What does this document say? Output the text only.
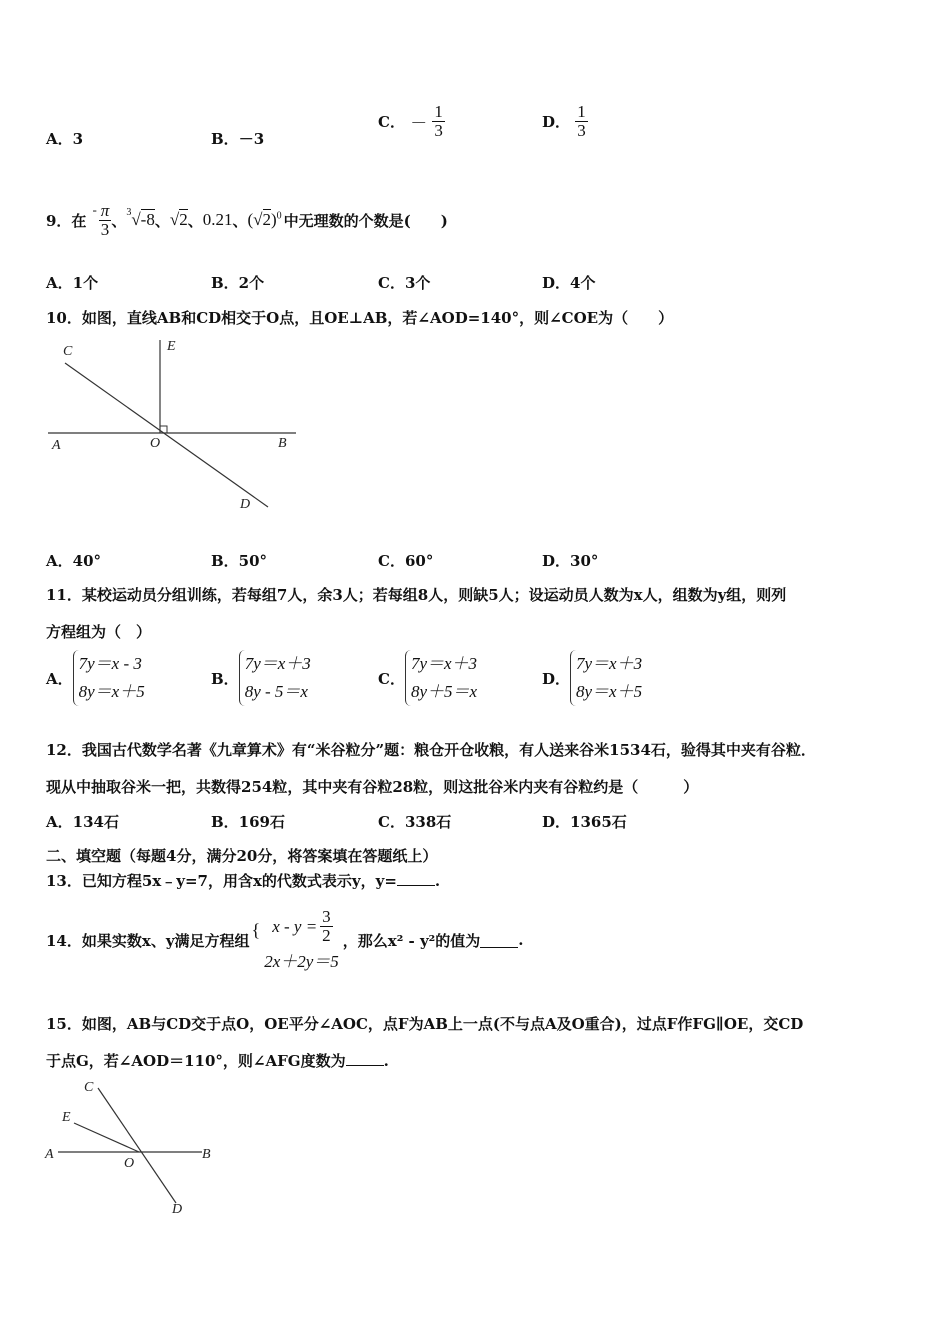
A．3	B．－3
C． － $\frac{1}{3}$	D． $\frac{1}{3}$
9．在
- $\frac{\pi}{3}$ 、 $^3$√-8 、 √2 、 0.21 、 $(√2)^0$ 中无理数的个数是(　　)
A．1个	B．2个	C．3个	D．4个
10．如图，直线AB和CD相交于O点，且OE⊥AB，若∠AOD=140°，则∠COE为（　　）
C	E
A	O	B
D
A．40°	B．50°	C．60°	D．30°
11．某校运动员分组训练，若每组7人，余3人；若每组8人，则缺5人；设运动员人数为x人，组数为y组，则列
方程组为（　）
A．
7y＝x - 3
8y＝x＋5
B．
7y＝x＋3
8y - 5＝x
C．
7y＝x＋3
8y＋5＝x
D．
7y＝x＋3
8y＝x＋5
12．我国古代数学名著《九章算术》有“米谷粒分”题：粮仓开仓收粮，有人送来谷米1534石，验得其中夹有谷粒．
现从中抽取谷米一把，共数得254粒，其中夹有谷粒28粒，则这批谷米内夹有谷粒约是（　　　）
A．134石	B．169石	C．338石	D．1365石
二、填空题（每题4分，满分20分，将答案填在答题纸上）
13．已知方程5x﹣y=7，用含x的代数式表示y，y=	.
14．如果实数x、y满足方程组
{ $x - y = \frac{3}{2}$
2x＋2y＝5
，那么x² - y²的值为	.
15．如图，AB与CD交于点O，OE平分∠AOC，点F为AB上一点(不与点A及O重合)，过点F作FG∥OE，交CD
于点G，若∠AOD＝110°，则∠AFG度数为	.
C
E
A
O
B
D
